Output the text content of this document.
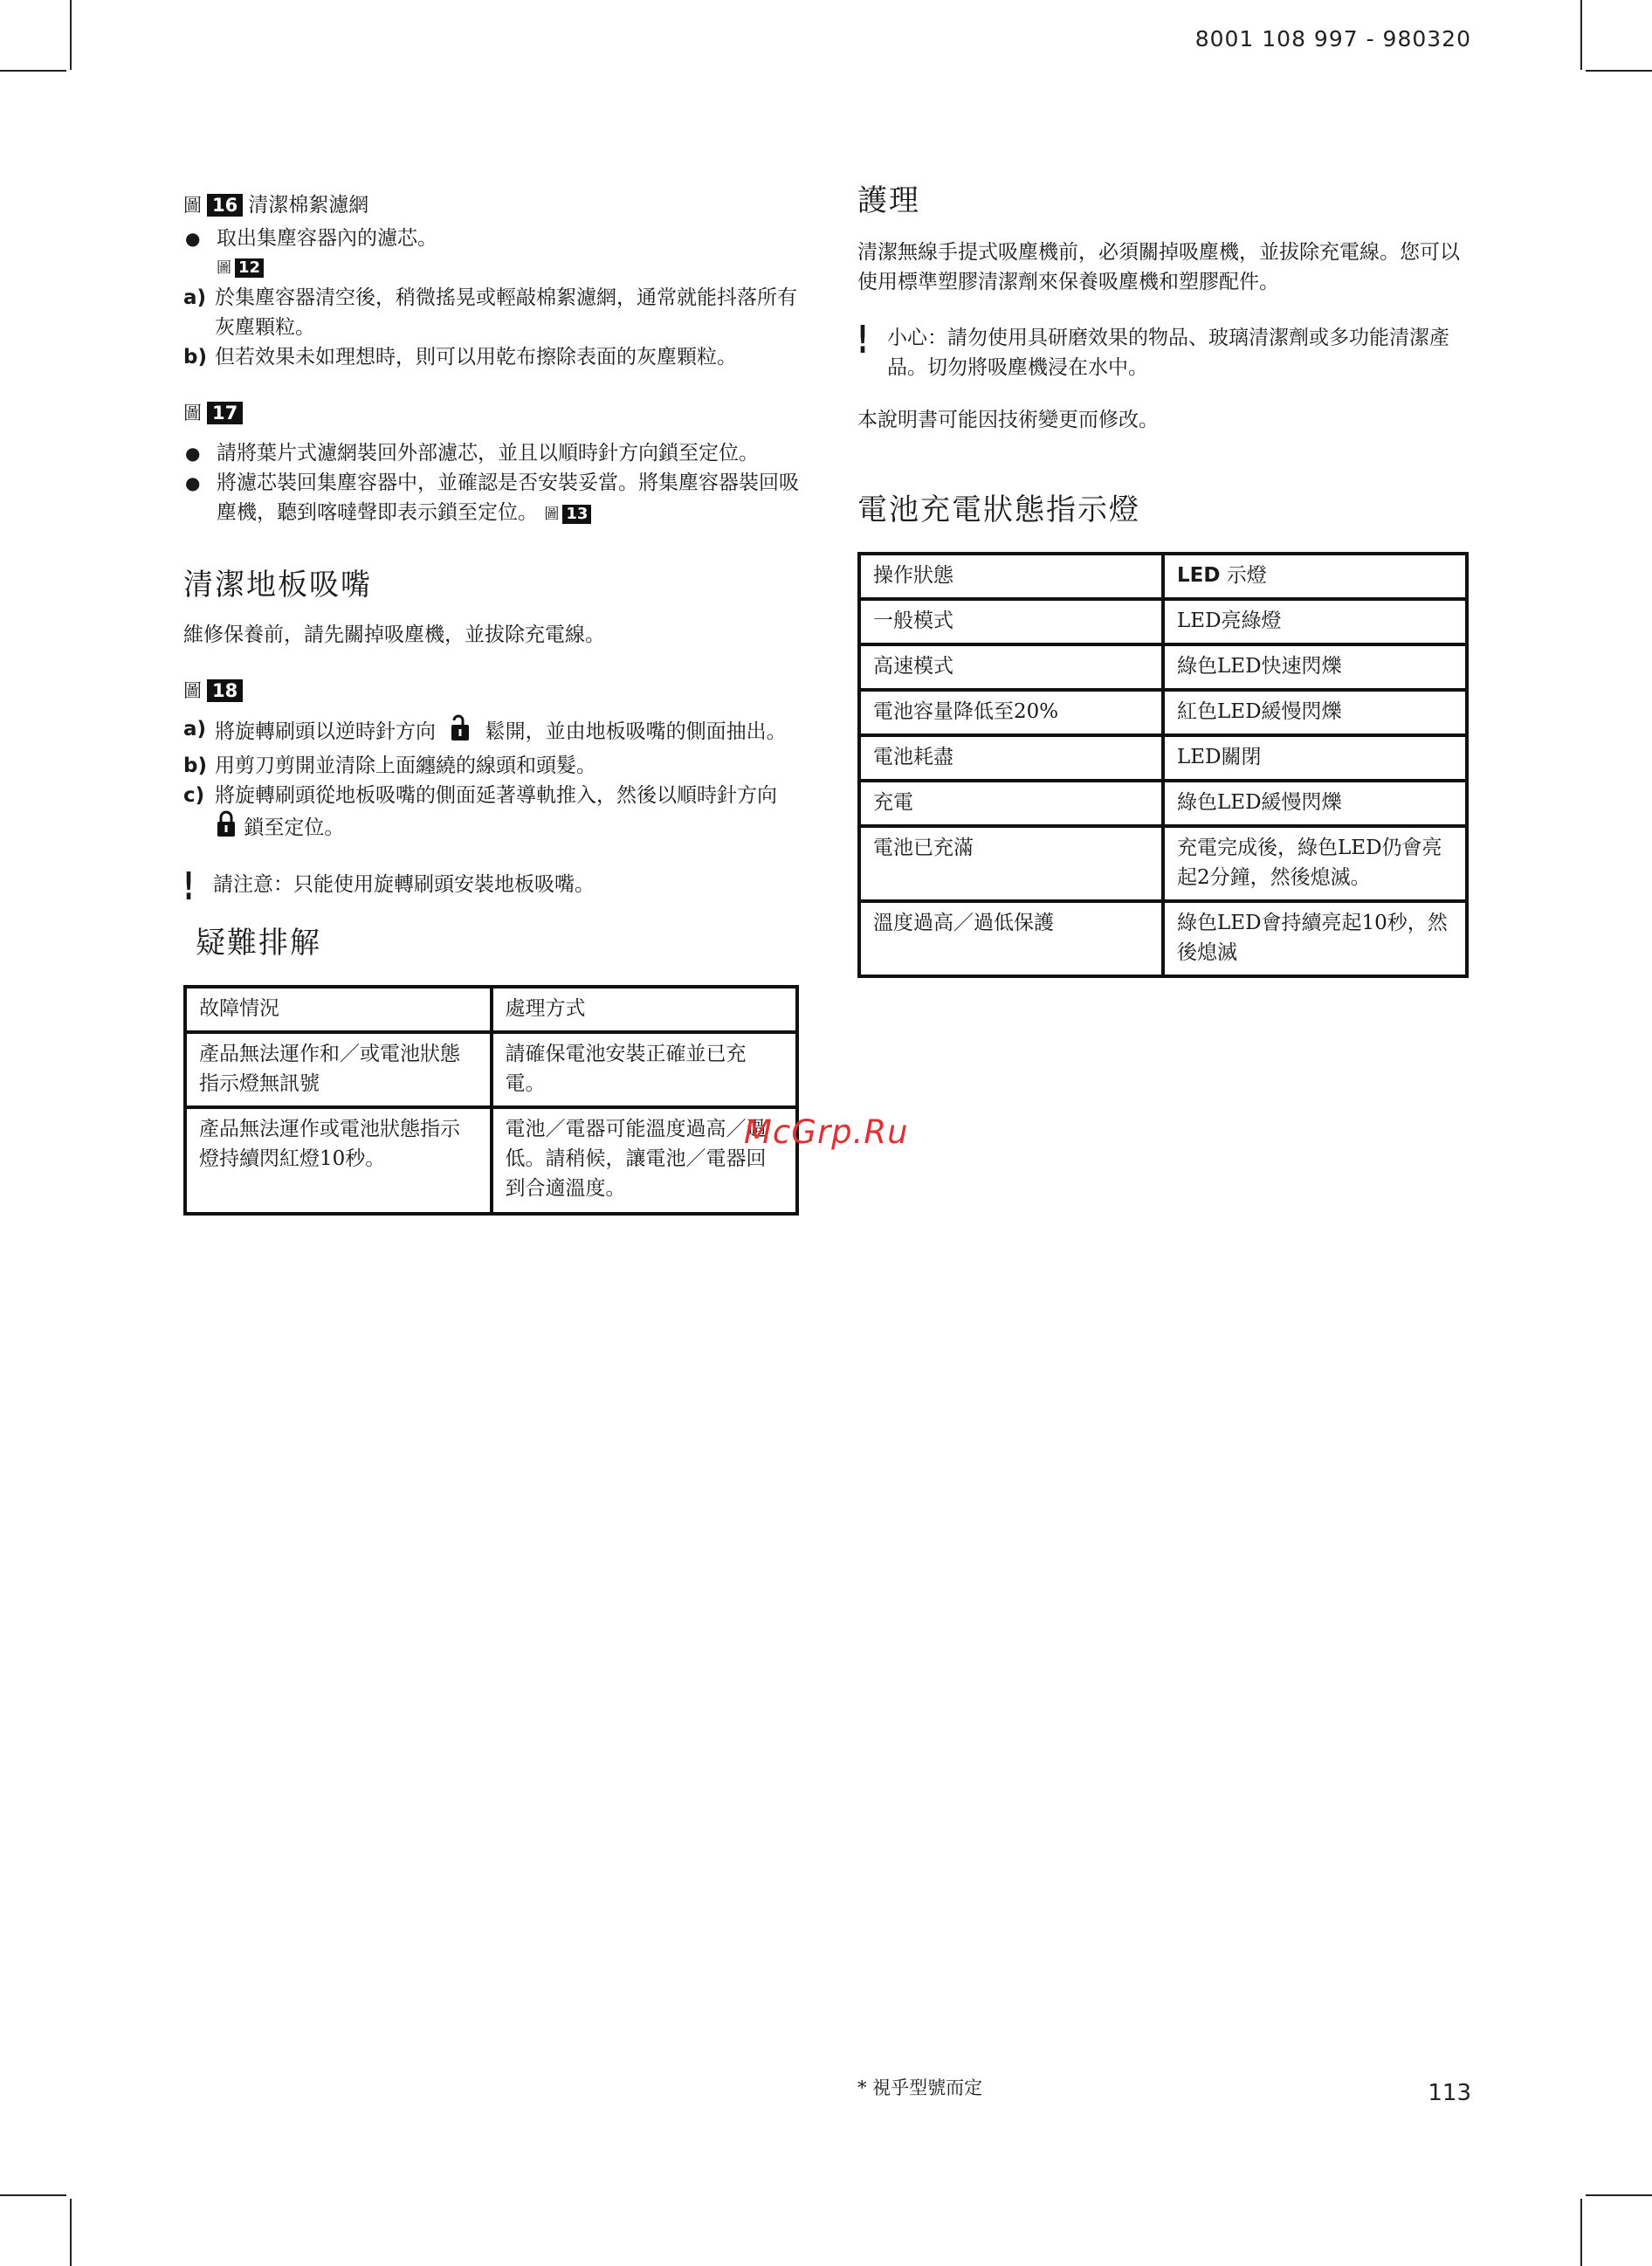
8001 108 997 - 980320
圖 16 清潔棉絮濾網
● 取出集塵容器內的濾芯。
圖 12
a) 於集塵容器清空後，稍微搖晃或輕敲棉絮濾網，通常就能抖落所有灰塵顆粒。
b) 但若效果未如理想時，則可以用乾布擦除表面的灰塵顆粒。
圖 17
● 請將葉片式濾網裝回外部濾芯，並且以順時針方向鎖至定位。
● 將濾芯裝回集塵容器中，並確認是否安裝妥當。將集塵容器裝回吸塵機，聽到喀噠聲即表示鎖至定位。 圖 13
清潔地板吸嘴
維修保養前，請先關掉吸塵機，並拔除充電線。
圖 18
a) 將旋轉刷頭以逆時針方向 鬆開，並由地板吸嘴的側面抽出。
b) 用剪刀剪開並清除上面纏繞的線頭和頭髮。
c) 將旋轉刷頭從地板吸嘴的側面延著導軌推入，然後以順時針方向  鎖至定位。
! 請注意：只能使用旋轉刷頭安裝地板吸嘴。
疑難排解
故障情況	處理方式
產品無法運作和／或電池狀態指示燈無訊號	請確保電池安裝正確並已充電。
產品無法運作或電池狀態指示燈持續閃紅燈10秒。	電池／電器可能溫度過高／過低。請稍候，讓電池／電器回到合適溫度。
護理
清潔無線手提式吸塵機前，必須關掉吸塵機，並拔除充電線。您可以使用標準塑膠清潔劑來保養吸塵機和塑膠配件。
! 小心：請勿使用具研磨效果的物品、玻璃清潔劑或多功能清潔產品。切勿將吸塵機浸在水中。
本說明書可能因技術變更而修改。
電池充電狀態指示燈
操作狀態	LED 示燈
一般模式	LED亮綠燈
高速模式	綠色LED快速閃爍
電池容量降低至20%	紅色LED緩慢閃爍
電池耗盡	LED關閉
充電	綠色LED緩慢閃爍
電池已充滿	充電完成後，綠色LED仍會亮起2分鐘，然後熄滅。
溫度過高／過低保護	綠色LED會持續亮起10秒，然後熄滅
McGrp.Ru
* 視乎型號而定	113
